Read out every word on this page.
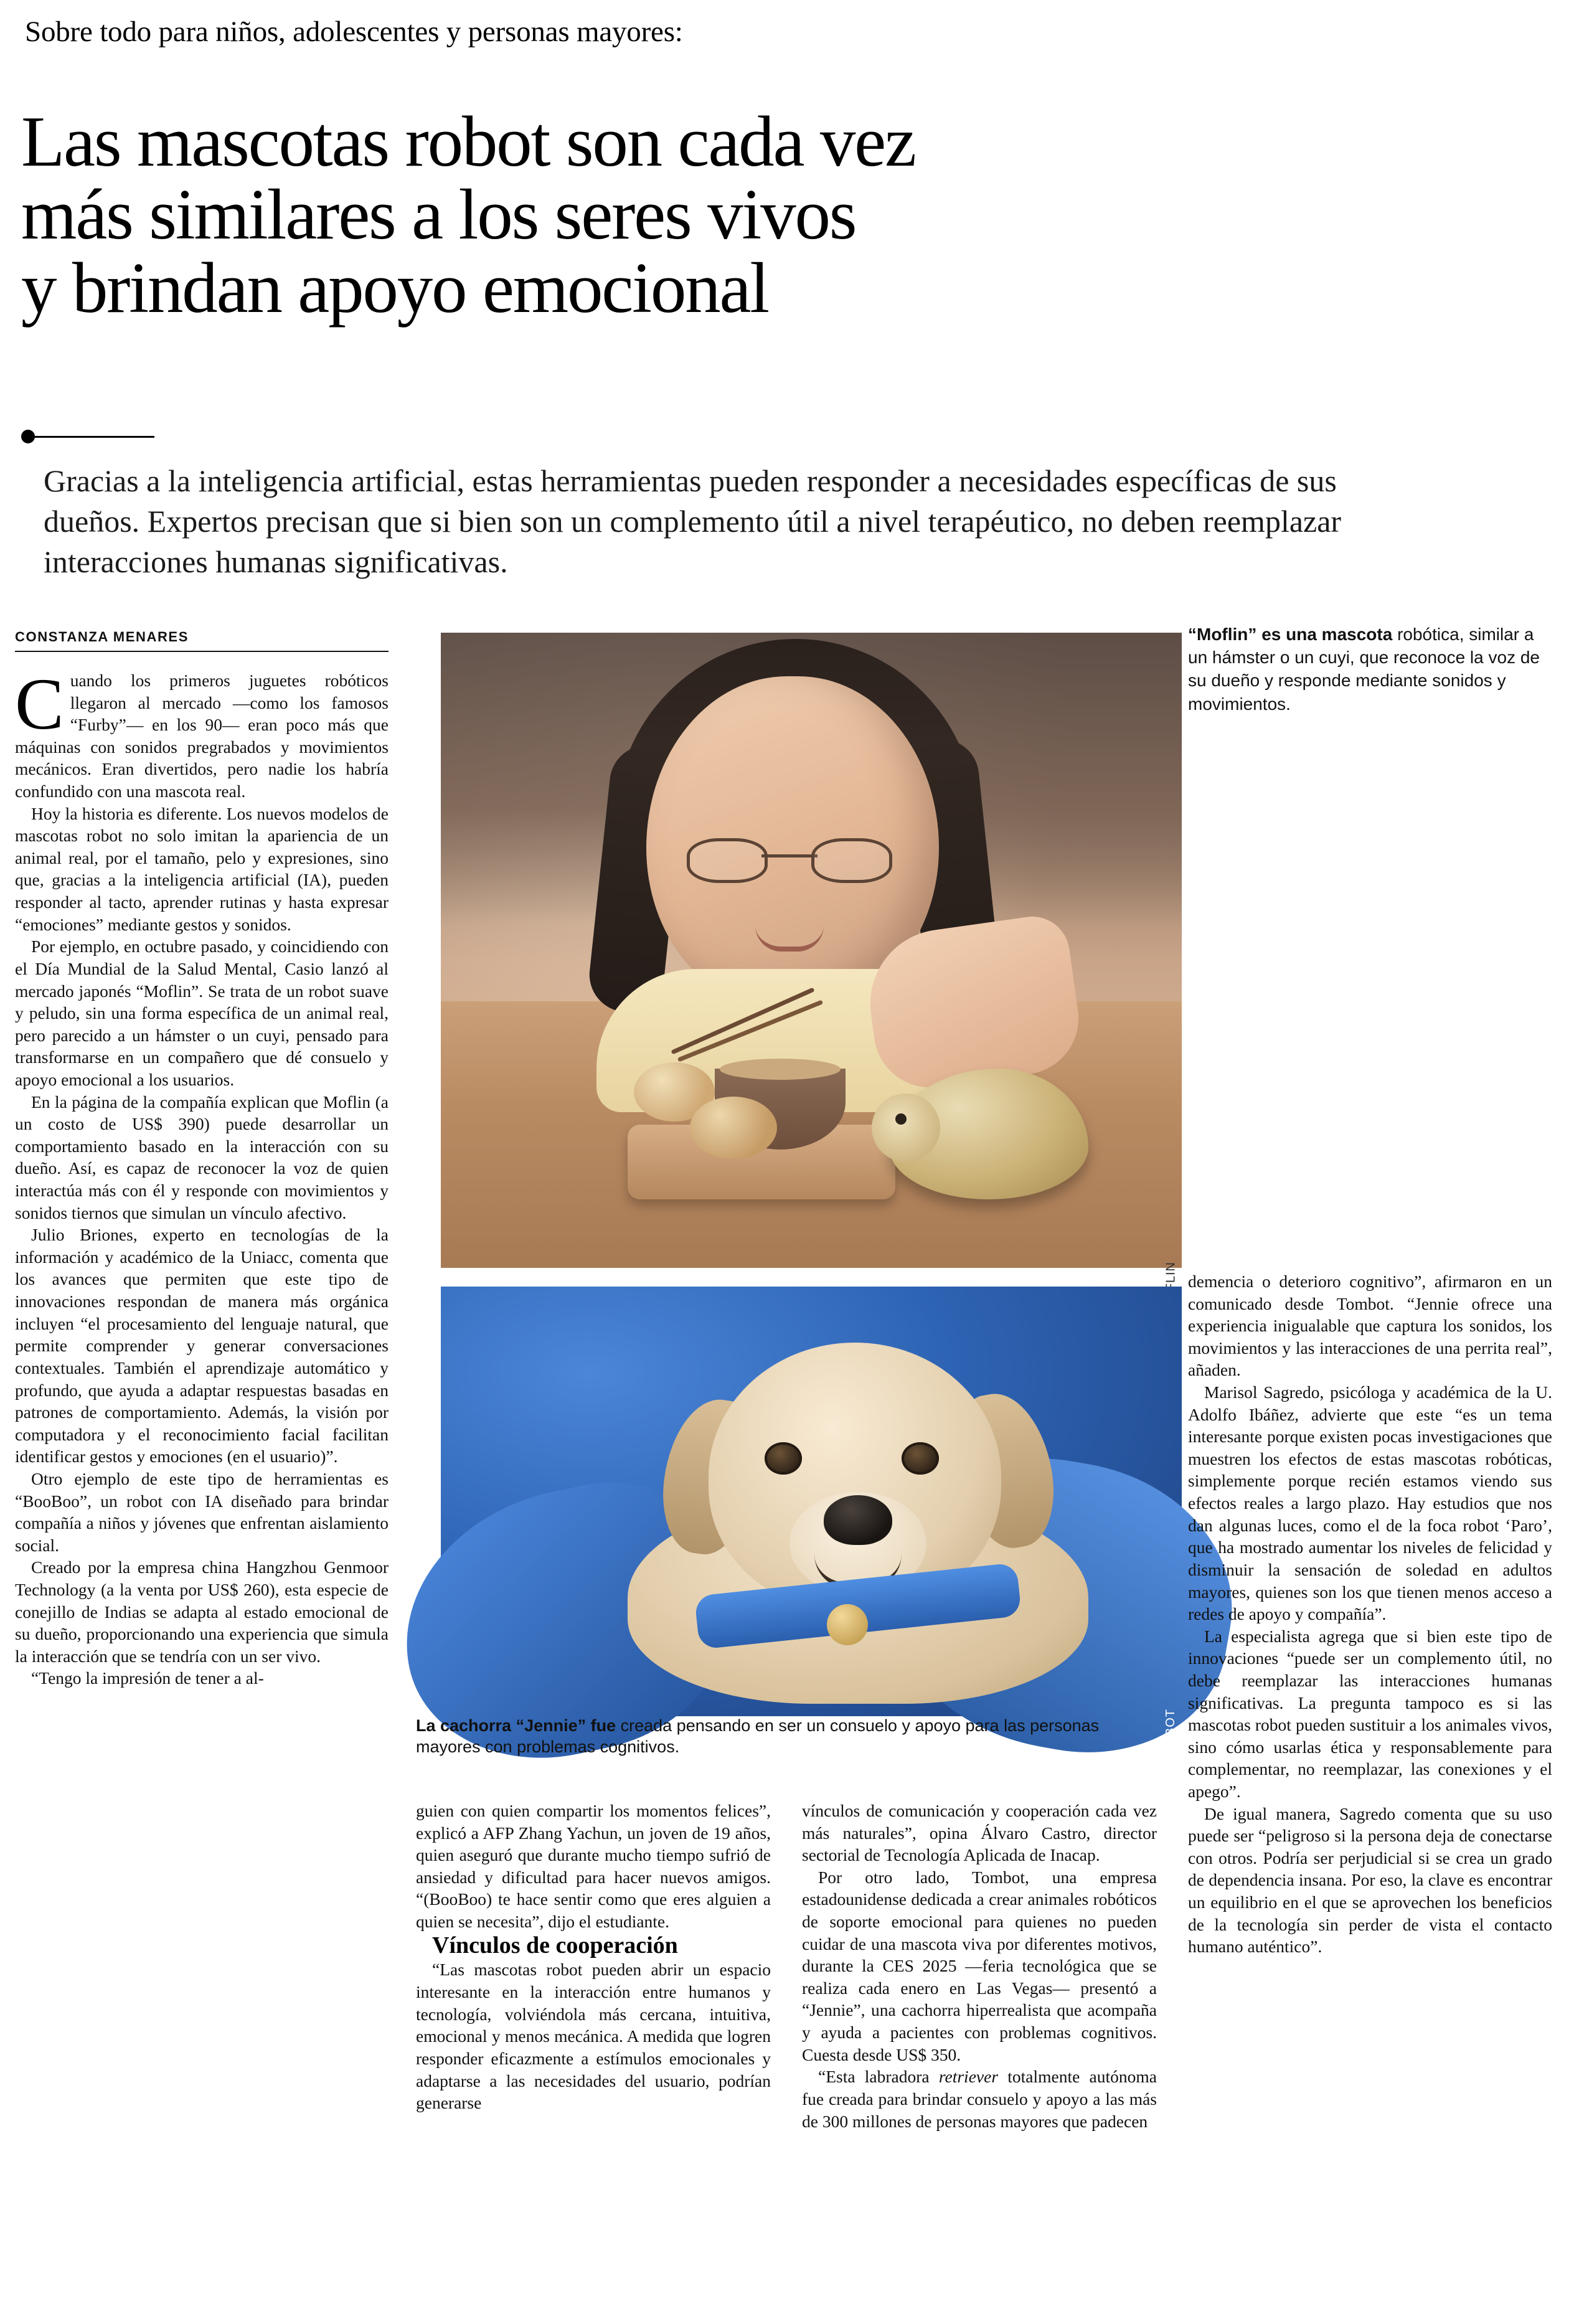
Sobre todo para niños, adolescentes y personas mayores:
Las mascotas robot son cada vez
más similares a los seres vivos
y brindan apoyo emocional
Gracias a la inteligencia artificial, estas herramientas pueden responder a necesidades específicas de sus dueños. Expertos precisan que si bien son un complemento útil a nivel terapéutico, no deben reemplazar interacciones humanas significativas.
CONSTANZA MENARES

Cuando los primeros juguetes robóticos llegaron al mercado —como los famosos “Furby”— en los 90— eran poco más que máquinas con sonidos pregrabados y movimientos mecánicos. Eran divertidos, pero nadie los habría confundido con una mascota real.

Hoy la historia es diferente. Los nuevos modelos de mascotas robot no solo imitan la apariencia de un animal real, por el tamaño, pelo y expresiones, sino que, gracias a la inteligencia artificial (IA), pueden responder al tacto, aprender rutinas y hasta expresar “emociones” mediante gestos y sonidos.

Por ejemplo, en octubre pasado, y coincidiendo con el Día Mundial de la Salud Mental, Casio lanzó al mercado japonés “Moflin”. Se trata de un robot suave y peludo, sin una forma específica de un animal real, pero parecido a un hámster o un cuyi, pensado para transformarse en un compañero que dé consuelo y apoyo emocional a los usuarios.

En la página de la compañía explican que Moflin (a un costo de US$ 390) puede desarrollar un comportamiento basado en la interacción con su dueño. Así, es capaz de reconocer la voz de quien interactúa más con él y responde con movimientos y sonidos tiernos que simulan un vínculo afectivo.

Julio Briones, experto en tecnologías de la información y académico de la Uniacc, comenta que los avances que permiten que este tipo de innovaciones respondan de manera más orgánica incluyen “el procesamiento del lenguaje natural, que permite comprender y generar conversaciones contextuales. También el aprendizaje automático y profundo, que ayuda a adaptar respuestas basadas en patrones de comportamiento. Además, la visión por computadora y el reconocimiento facial facilitan identificar gestos y emociones (en el usuario)”.

Otro ejemplo de este tipo de herramientas es “BooBoo”, un robot con IA diseñado para brindar compañía a niños y jóvenes que enfrentan aislamiento social.

Creado por la empresa china Hangzhou Genmoor Technology (a la venta por US$ 260), esta especie de conejillo de Indias se adapta al estado emocional de su dueño, proporcionando una experiencia que simula la interacción que se tendría con un ser vivo.

“Tengo la impresión de tener a al-

“Moflin” es una mascota robótica, similar a un hámster o un cuyi, que reconoce la voz de su dueño y responde mediante sonidos y movimientos.
TOMBOT
La cachorra “Jennie” fue creada pensando en ser un consuelo y apoyo para las personas mayores con problemas cognitivos.

guien con quien compartir los momentos felices”, explicó a AFP Zhang Yachun, un joven de 19 años, quien aseguró que durante mucho tiempo sufrió de ansiedad y dificultad para hacer nuevos amigos. “(BooBoo) te hace sentir como que eres alguien a quien se necesita”, dijo el estudiante.

Vínculos de cooperación

“Las mascotas robot pueden abrir un espacio interesante en la interacción entre humanos y tecnología, volviéndola más cercana, intuitiva, emocional y menos mecánica. A medida que logren responder eficazmente a estímulos emocionales y adaptarse a las necesidades del usuario, podrían generarse

vínculos de comunicación y cooperación cada vez más naturales”, opina Álvaro Castro, director sectorial de Tecnología Aplicada de Inacap.

Por otro lado, Tombot, una empresa estadounidense dedicada a crear animales robóticos de soporte emocional para quienes no pueden cuidar de una mascota viva por diferentes motivos, durante la CES 2025 —feria tecnológica que se realiza cada enero en Las Vegas— presentó a “Jennie”, una cachorra hiperrealista que acompaña y ayuda a pacientes con problemas cognitivos. Cuesta desde US$ 350.

“Esta labradora retriever totalmente autónoma fue creada para brindar consuelo y apoyo a las más de 300 millones de personas mayores que padecen

demencia o deterioro cognitivo”, afirmaron en un comunicado desde Tombot. “Jennie ofrece una experiencia inigualable que captura los sonidos, los movimientos y las interacciones de una perrita real”, añaden.

Marisol Sagredo, psicóloga y académica de la U. Adolfo Ibáñez, advierte que este “es un tema interesante porque existen pocas investigaciones que muestren los efectos de estas mascotas robóticas, simplemente porque recién estamos viendo sus efectos reales a largo plazo. Hay estudios que nos dan algunas luces, como el de la foca robot ‘Paro’, que ha mostrado aumentar los niveles de felicidad y disminuir la sensación de soledad en adultos mayores, quienes son los que tienen menos acceso a redes de apoyo y compañía”.

La especialista agrega que si bien este tipo de innovaciones “puede ser un complemento útil, no debe reemplazar las interacciones humanas significativas. La pregunta tampoco es si las mascotas robot pueden sustituir a los animales vivos, sino cómo usarlas ética y responsablemente para complementar, no reemplazar, las conexiones y el apego”.

De igual manera, Sagredo comenta que su uso puede ser “peligroso si la persona deja de conectarse con otros. Podría ser perjudicial si se crea un grado de dependencia insana. Por eso, la clave es encontrar un equilibrio en el que se aprovechen los beneficios de la tecnología sin perder de vista el contacto humano auténtico”.
